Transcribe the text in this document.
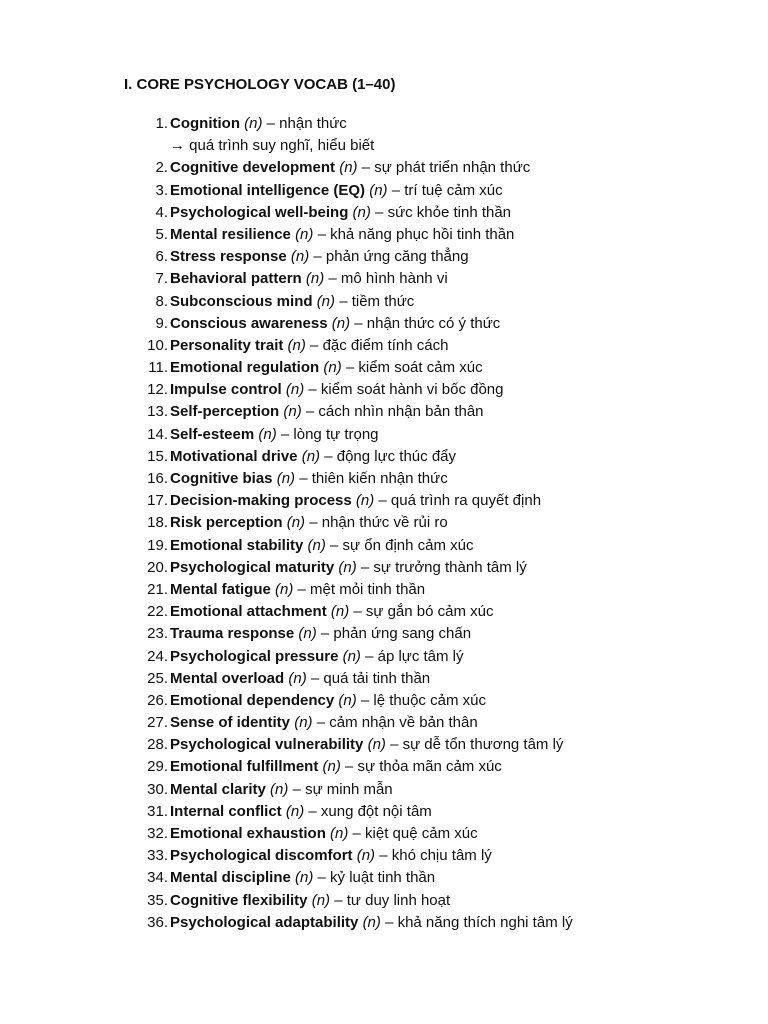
I. CORE PSYCHOLOGY VOCAB (1–40)
1. Cognition (n) – nhận thức
→ quá trình suy nghĩ, hiểu biết
2. Cognitive development (n) – sự phát triển nhận thức
3. Emotional intelligence (EQ) (n) – trí tuệ cảm xúc
4. Psychological well-being (n) – sức khỏe tinh thần
5. Mental resilience (n) – khả năng phục hồi tinh thần
6. Stress response (n) – phản ứng căng thẳng
7. Behavioral pattern (n) – mô hình hành vi
8. Subconscious mind (n) – tiềm thức
9. Conscious awareness (n) – nhận thức có ý thức
10. Personality trait (n) – đặc điểm tính cách
11. Emotional regulation (n) – kiểm soát cảm xúc
12. Impulse control (n) – kiểm soát hành vi bốc đồng
13. Self-perception (n) – cách nhìn nhận bản thân
14. Self-esteem (n) – lòng tự trọng
15. Motivational drive (n) – động lực thúc đẩy
16. Cognitive bias (n) – thiên kiến nhận thức
17. Decision-making process (n) – quá trình ra quyết định
18. Risk perception (n) – nhận thức về rủi ro
19. Emotional stability (n) – sự ổn định cảm xúc
20. Psychological maturity (n) – sự trưởng thành tâm lý
21. Mental fatigue (n) – mệt mỏi tinh thần
22. Emotional attachment (n) – sự gắn bó cảm xúc
23. Trauma response (n) – phản ứng sang chấn
24. Psychological pressure (n) – áp lực tâm lý
25. Mental overload (n) – quá tải tinh thần
26. Emotional dependency (n) – lệ thuộc cảm xúc
27. Sense of identity (n) – cảm nhận về bản thân
28. Psychological vulnerability (n) – sự dễ tổn thương tâm lý
29. Emotional fulfillment (n) – sự thỏa mãn cảm xúc
30. Mental clarity (n) – sự minh mẫn
31. Internal conflict (n) – xung đột nội tâm
32. Emotional exhaustion (n) – kiệt quệ cảm xúc
33. Psychological discomfort (n) – khó chịu tâm lý
34. Mental discipline (n) – kỷ luật tinh thần
35. Cognitive flexibility (n) – tư duy linh hoạt
36. Psychological adaptability (n) – khả năng thích nghi tâm lý
